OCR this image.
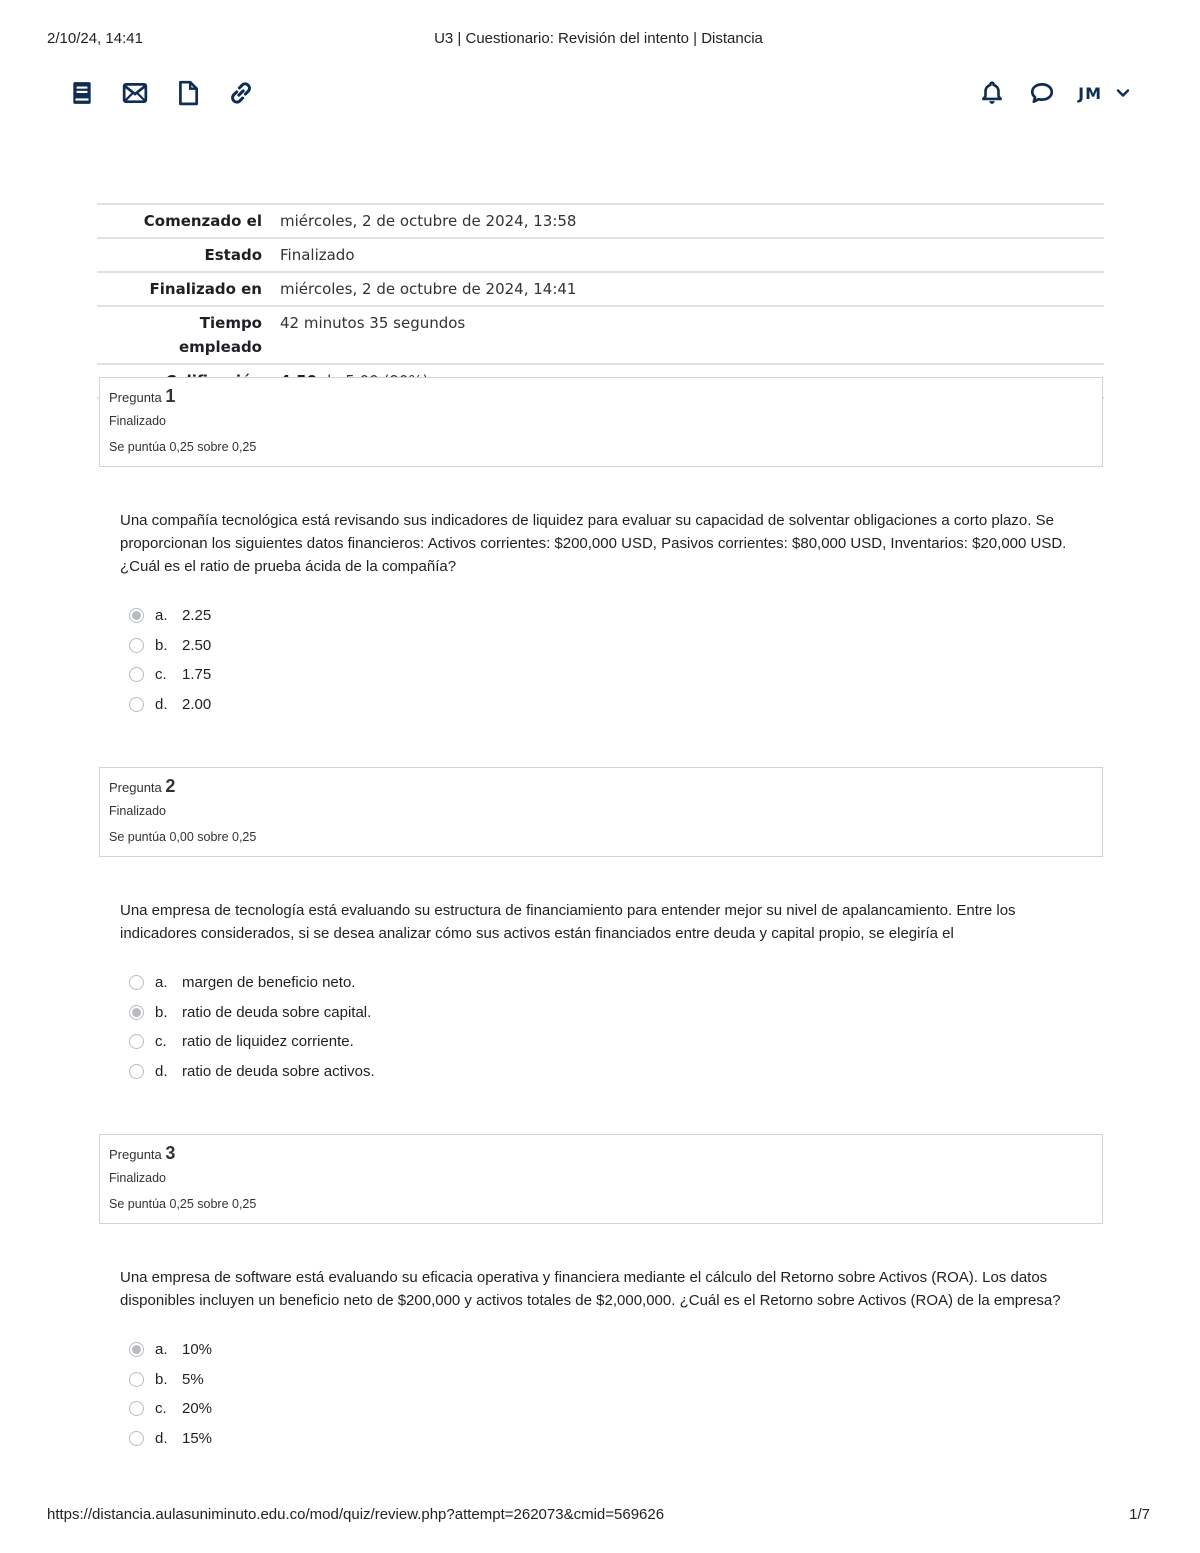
2/10/24, 14:41	U3 | Cuestionario: Revisión del intento | Distancia
JM
Comenzado el	miércoles, 2 de octubre de 2024, 13:58
Estado	Finalizado
Finalizado en	miércoles, 2 de octubre de 2024, 14:41
Tiempo
empleado	42 minutos 35 segundos

Pregunta 1
Finalizado
Se puntúa 0,25 sobre 0,25
Una compañía tecnológica está revisando sus indicadores de liquidez para evaluar su capacidad de solventar obligaciones a corto plazo. Se
proporcionan los siguientes datos financieros: Activos corrientes: $200,000 USD, Pasivos corrientes: $80,000 USD, Inventarios: $20,000 USD.
¿Cuál es el ratio de prueba ácida de la compañía?
a. 2.25
b. 2.50
c.	1.75
d. 2.00
Pregunta 2
Finalizado
Se puntúa 0,00 sobre 0,25
Una empresa de tecnología está evaluando su estructura de financiamiento para entender mejor su nivel de apalancamiento. Entre los
indicadores considerados, si se desea analizar cómo sus activos están financiados entre deuda y capital propio, se elegiría el
a. margen de beneficio neto.
b. ratio de deuda sobre capital.
c.	ratio de liquidez corriente.
d. ratio de deuda sobre activos.
Pregunta 3
Finalizado
Se puntúa 0,25 sobre 0,25
Una empresa de software está evaluando su eficacia operativa y financiera mediante el cálculo del Retorno sobre Activos (ROA). Los datos
disponibles incluyen un beneficio neto de $200,000 y activos totales de $2,000,000. ¿Cuál es el Retorno sobre Activos (ROA) de la empresa?
a. 10%
b. 5%
c.	20%
d. 15%
https://distancia.aulasuniminuto.edu.co/mod/quiz/review.php?attempt=262073&cmid=569626	1/7
